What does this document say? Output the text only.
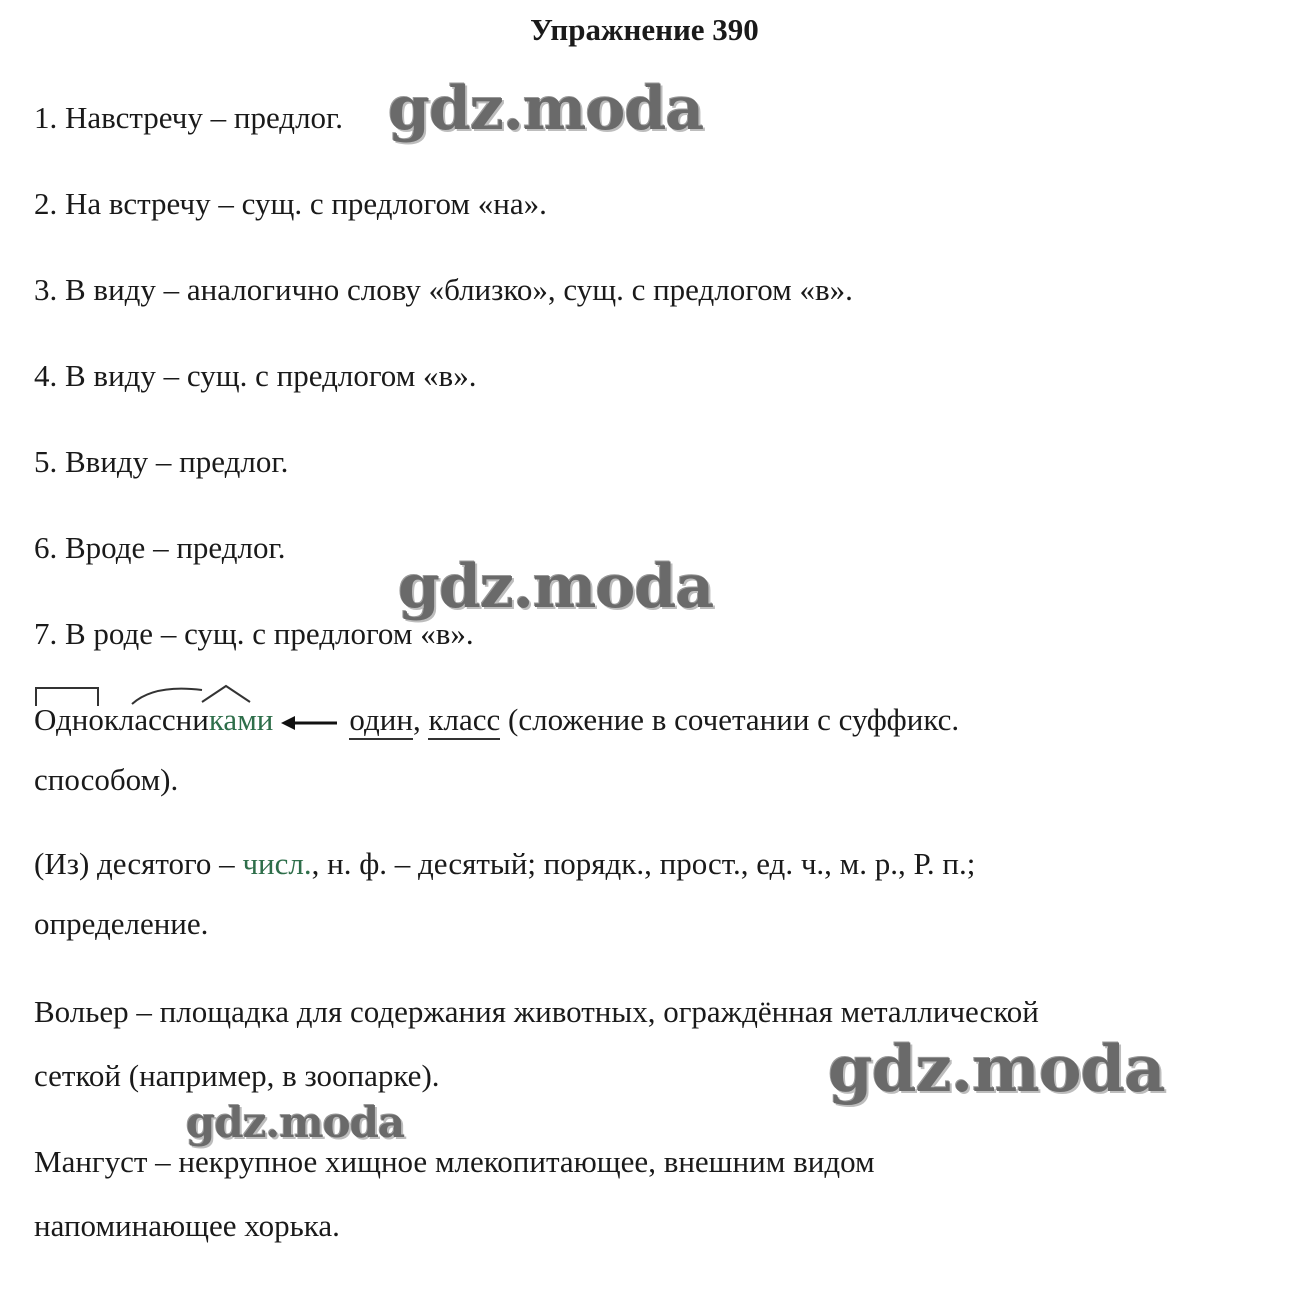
Упражнение 390
1. Навстречу – предлог.
2. На встречу – сущ. с предлогом «на».
3. В виду – аналогично слову «близко», сущ. с предлогом «в».
4. В виду – сущ. с предлогом «в».
5. Ввиду – предлог.
6. Вроде – предлог.
7. В роде – сущ. с предлогом «в».
Одноклассниками один, класс (сложение в сочетании с суффикс.
способом).
(Из) десятого – числ., н. ф. – десятый; порядк., прост., ед. ч., м. р., Р. п.;
определение.
Вольер – площадка для содержания животных, ограждённая металлической
сеткой (например, в зоопарке).
Мангуст – некрупное хищное млекопитающее, внешним видом
напоминающее хорька.
gdz.moda
gdz.moda
gdz.moda
gdz.moda
